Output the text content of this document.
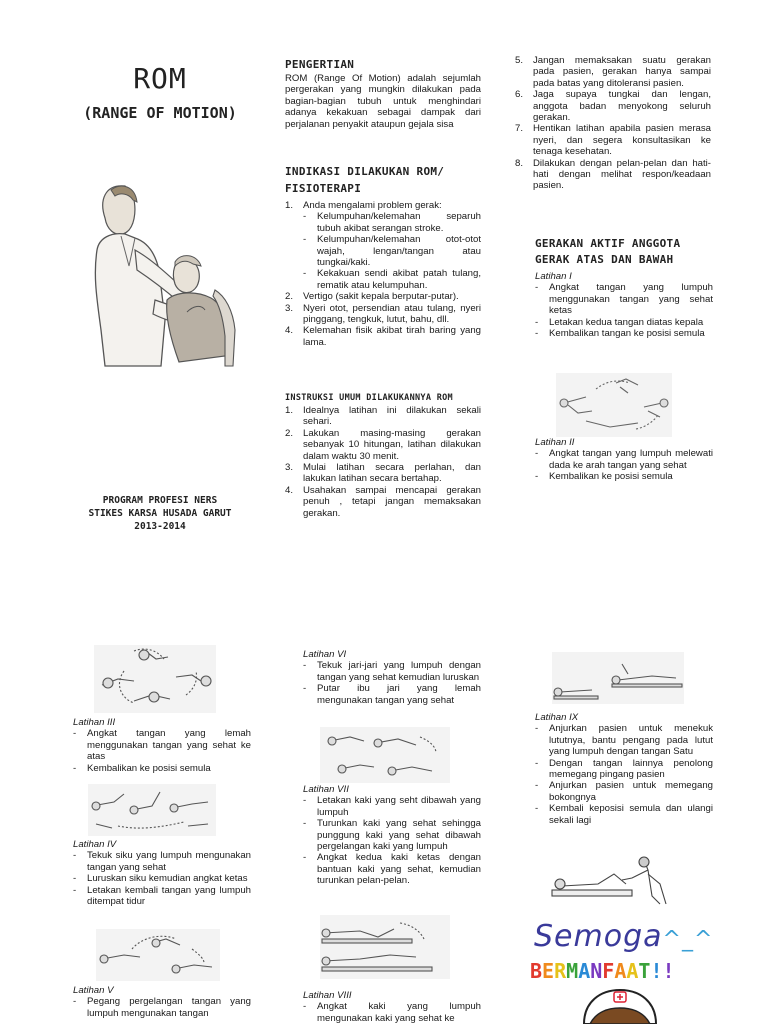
ROM
(RANGE OF MOTION)
PROGRAM PROFESI NERS
STIKES KARSA HUSADA GARUT
2013-2014
PENGERTIAN
ROM (Range Of Motion) adalah sejumlah pergerakan yang mungkin dilakukan pada bagian-bagian tubuh untuk menghindari adanya kekakuan sebagai dampak dari perjalanan penyakit ataupun gejala sisa
INDIKASI DILAKUKAN ROM/ FISIOTERAPI
1.	Anda mengalami problem gerak:
-	Kelumpuhan/kelemahan separuh tubuh akibat serangan stroke.
-	Kelumpuhan/kelemahan otot-otot wajah, lengan/tangan atau tungkai/kaki.
-	Kekakuan sendi akibat patah tulang, rematik atau kelumpuhan.
2.	Vertigo (sakit kepala berputar-putar).
3.	Nyeri otot, persendian atau tulang, nyeri pinggang, tengkuk, lutut, bahu, dll.
4.	Kelemahan fisik akibat tirah baring yang lama.
INSTRUKSI UMUM DILAKUKANNYA ROM
1.	Idealnya latihan ini dilakukan sekali sehari.
2.	Lakukan masing-masing gerakan sebanyak 10 hitungan, latihan dilakukan dalam waktu 30 menit.
3.	Mulai latihan secara perlahan, dan lakukan latihan secara bertahap.
4.	Usahakan sampai mencapai gerakan penuh , tetapi jangan memaksakan gerakan.
5.	Jangan memaksakan suatu gerakan pada pasien, gerakan hanya sampai pada batas yang ditoleransi pasien.
6.	Jaga supaya tungkai dan lengan, anggota badan menyokong seluruh gerakan.
7.	Hentikan latihan apabila pasien merasa nyeri, dan segera konsultasikan ke tenaga kesehatan.
8.	Dilakukan dengan pelan-pelan dan hati-hati dengan melihat respon/keadaan pasien.
GERAKAN AKTIF ANGGOTA GERAK ATAS DAN BAWAH
Latihan I
-	Angkat tangan yang lumpuh menggunakan tangan yang sehat ketas
-	Letakan kedua tangan diatas kepala
-	Kembalikan tangan ke posisi semula
Latihan II
-	Angkat tangan yang lumpuh melewati dada ke arah tangan yang sehat
-	Kembalikan ke posisi semula
Latihan III
-	Angkat tangan yang lemah menggunakan tangan yang sehat ke atas
-	Kembalikan ke posisi semula
Latihan IV
-	Tekuk siku yang lumpuh mengunakan tangan yang sehat
-	Luruskan siku kemudian angkat ketas
-	Letakan kembali tangan yang lumpuh ditempat tidur
Latihan V
-	Pegang pergelangan tangan yang lumpuh mengunakan tangan
Latihan VI
-	Tekuk jari-jari yang lumpuh dengan tangan yang sehat kemudian luruskan
-	Putar ibu jari yang lemah mengunakan tangan yang sehat
Latihan VII
-	Letakan kaki yang seht dibawah yang lumpuh
-	Turunkan kaki yang sehat sehingga punggung kaki yang sehat dibawah pergelangan kaki yang lumpuh
-	Angkat kedua kaki ketas dengan bantuan kaki yang sehat, kemudian turunkan pelan-pelan.
Latihan VIII
-	Angkat kaki yang lumpuh mengunakan kaki yang sehat ke
Latihan IX
-	Anjurkan pasien untuk menekuk lututnya, bantu pengang pada lutut yang lumpuh dengan tangan Satu
-	Dengan tangan lainnya penolong memegang pingang pasien
-	Anjurkan pasien untuk memegang bokongnya
-	Kembali keposisi semula dan ulangi sekali lagi
Semoga^_^
BERMANFAAT!!
